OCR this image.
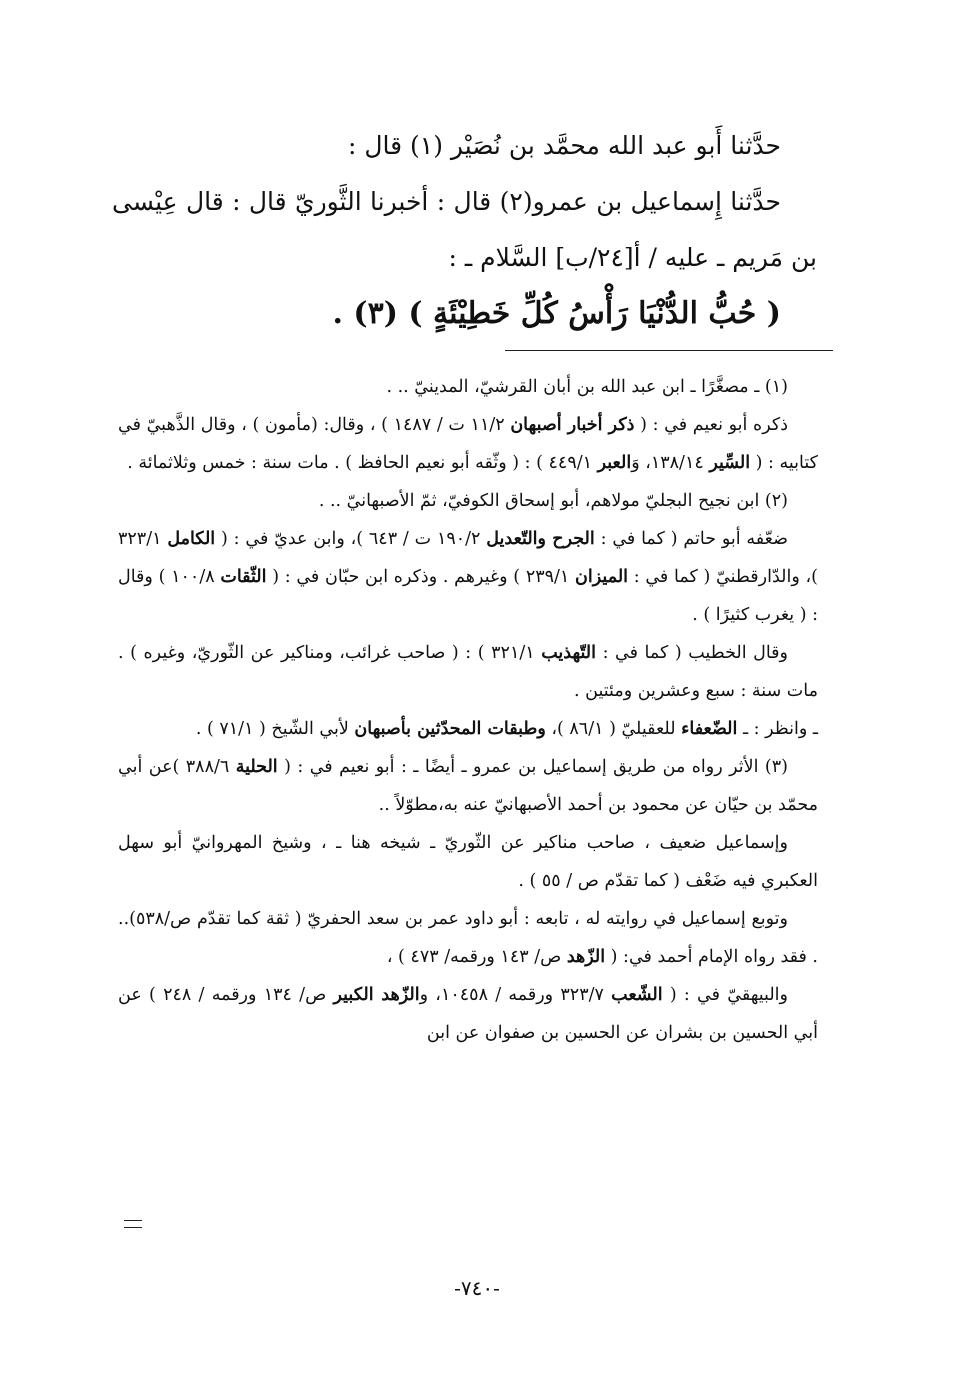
حدَّثنا أَبو عبد الله محمَّد بن نُصَيْر (١) قال :

حدَّثنا إِسماعيل بن عمرو(٢) قال : أخبرنا الثَّوريّ قال : قال عِيْسى بن مَريم ـ عليه / أ[٢٤/ب] السَّلام ـ :

( حُبُّ الدُّنْيَا رَأْسُ كُلِّ خَطِيْئَةٍ ) (٣) .

(١) ـ مصغَّرًا ـ ابن عبد الله بن أبان القرشيّ، المدينيّ .. .

ذكره أبو نعيم في : ( ذكر أخبار أصبهان ١١/٢ ت / ١٤٨٧ ) ، وقال: (مأمون ) ، وقال الذَّهبيّ في كتابيه : ( السِّير ١٣٨/١٤، وَالعبر ٤٤٩/١ ) : ( وثّقه أبو نعيم الحافظ ) . مات سنة : خمس وثلاثمائة .

(٢) ابن نجيح البجليّ مولاهم، أبو إسحاق الكوفيّ، ثمّ الأصبهانيّ .. .

ضعّفه أبو حاتم ( كما في : الجرح والتّعديل ١٩٠/٢ ت / ٦٤٣ )، وابن عديّ في : ( الكامل ٣٢٣/١ )، والدّارقطنيّ ( كما في : الميزان ٢٣٩/١ ) وغيرهم . وذكره ابن حبّان في : ( الثّقات ١٠٠/٨ ) وقال : ( يغرب كثيرًا ) .

وقال الخطيب ( كما في : التّهذيب ٣٢١/١ ) : ( صاحب غرائب، ومناكير عن الثّوريّ، وغيره ) . مات سنة : سبع وعشرين ومئتين .

ـ وانظر : ـ الضّعفاء للعقيليّ ( ٨٦/١ )، وطبقات المحدّثين بأصبهان لأبي الشّيخ ( ٧١/١ ) .

(٣) الأثر رواه من طريق إسماعيل بن عمرو ـ أيضًا ـ : أبو نعيم في : ( الحلية ٣٨٨/٦ )عن أبي محمّد بن حيّان عن محمود بن أحمد الأصبهانيّ عنه به،مطوّلاً ..

وإسماعيل ضعيف ، صاحب مناكير عن الثّوريّ ـ شيخه هنا ـ ، وشيخ المهروانيّ أبو سهل العكبري فيه ضَعْف ( كما تقدّم ص / ٥٥ ) .

وتوبع إسماعيل في روايته له ، تابعه : أبو داود عمر بن سعد الحفريّ ( ثقة كما تقدّم ص/٥٣٨).. . فقد رواه الإمام أحمد في: ( الزّهد ص/ ١٤٣ ورقمه/ ٤٧٣ ) ،

والبيهقيّ في : ( الشّعب ٣٢٣/٧ ورقمه / ١٠٤٥٨، والزّهد الكبير ص/ ١٣٤ ورقمه / ٢٤٨ ) عن أبي الحسين بن بشران عن الحسين بن صفوان عن ابن

-٧٤٠-
